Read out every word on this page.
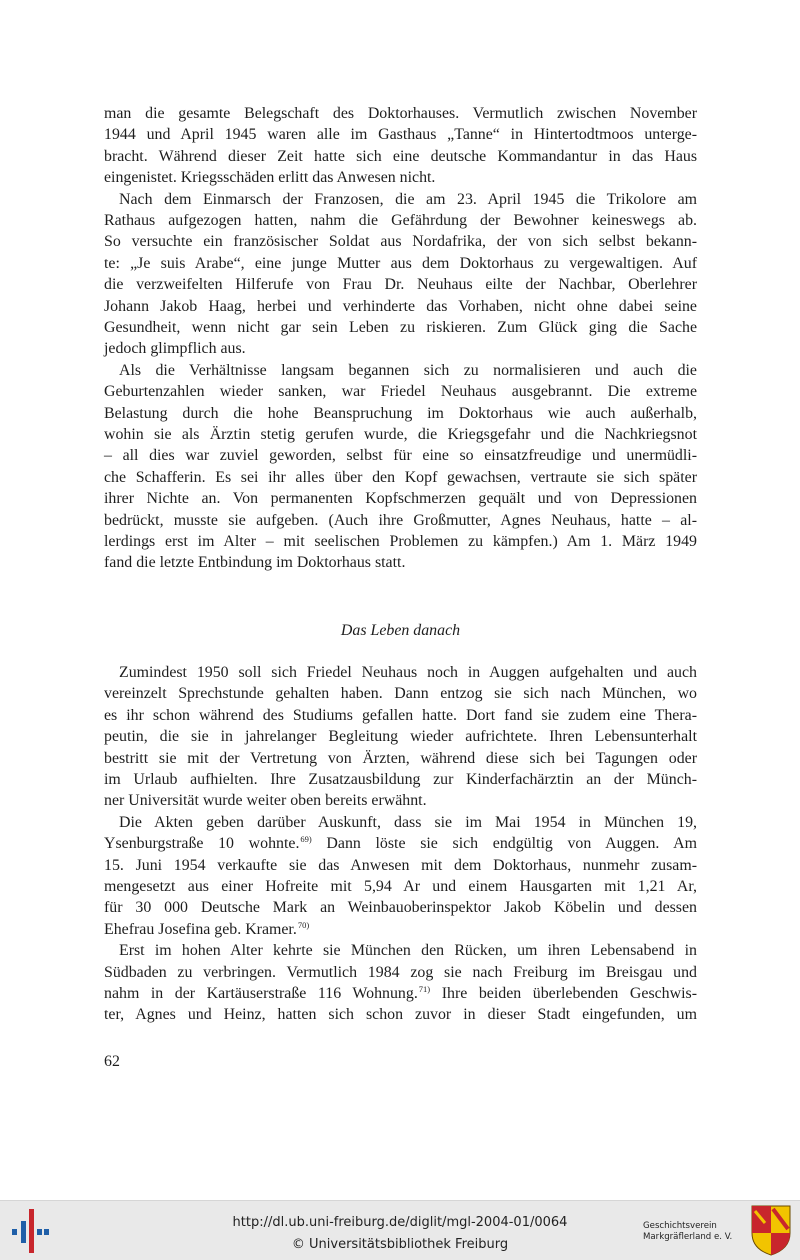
man die gesamte Belegschaft des Doktorhauses. Vermutlich zwischen November
1944 und April 1945 waren alle im Gasthaus „Tanne“ in Hintertodtmoos unterge-
bracht. Während dieser Zeit hatte sich eine deutsche Kommandantur in das Haus
eingenistet. Kriegsschäden erlitt das Anwesen nicht.
Nach dem Einmarsch der Franzosen, die am 23. April 1945 die Trikolore am
Rathaus aufgezogen hatten, nahm die Gefährdung der Bewohner keineswegs ab.
So versuchte ein französischer Soldat aus Nordafrika, der von sich selbst bekann-
te: „Je suis Arabe“, eine junge Mutter aus dem Doktorhaus zu vergewaltigen. Auf
die verzweifelten Hilferufe von Frau Dr. Neuhaus eilte der Nachbar, Oberlehrer
Johann Jakob Haag, herbei und verhinderte das Vorhaben, nicht ohne dabei seine
Gesundheit, wenn nicht gar sein Leben zu riskieren. Zum Glück ging die Sache
jedoch glimpflich aus.
Als die Verhältnisse langsam begannen sich zu normalisieren und auch die
Geburtenzahlen wieder sanken, war Friedel Neuhaus ausgebrannt. Die extreme
Belastung durch die hohe Beanspruchung im Doktorhaus wie auch außerhalb,
wohin sie als Ärztin stetig gerufen wurde, die Kriegsgefahr und die Nachkriegsnot
– all dies war zuviel geworden, selbst für eine so einsatzfreudige und unermüdli-
che Schafferin. Es sei ihr alles über den Kopf gewachsen, vertraute sie sich später
ihrer Nichte an. Von permanenten Kopfschmerzen gequält und von Depressionen
bedrückt, musste sie aufgeben. (Auch ihre Großmutter, Agnes Neuhaus, hatte – al-
lerdings erst im Alter – mit seelischen Problemen zu kämpfen.) Am 1. März 1949
fand die letzte Entbindung im Doktorhaus statt.
Das Leben danach
Zumindest 1950 soll sich Friedel Neuhaus noch in Auggen aufgehalten und auch
vereinzelt Sprechstunde gehalten haben. Dann entzog sie sich nach München, wo
es ihr schon während des Studiums gefallen hatte. Dort fand sie zudem eine Thera-
peutin, die sie in jahrelanger Begleitung wieder aufrichtete. Ihren Lebensunterhalt
bestritt sie mit der Vertretung von Ärzten, während diese sich bei Tagungen oder
im Urlaub aufhielten. Ihre Zusatzausbildung zur Kinderfachärztin an der Münch-
ner Universität wurde weiter oben bereits erwähnt.
Die Akten geben darüber Auskunft, dass sie im Mai 1954 in München 19,
Ysenburgstraße 10 wohnte.$^{69)}$ Dann löste sie sich endgültig von Auggen. Am
15. Juni 1954 verkaufte sie das Anwesen mit dem Doktorhaus, nunmehr zusam-
mengesetzt aus einer Hofreite mit 5,94 Ar und einem Hausgarten mit 1,21 Ar,
für 30 000 Deutsche Mark an Weinbauoberinspektor Jakob Köbelin und dessen
Ehefrau Josefina geb. Kramer.$^{70)}$
Erst im hohen Alter kehrte sie München den Rücken, um ihren Lebensabend in
Südbaden zu verbringen. Vermutlich 1984 zog sie nach Freiburg im Breisgau und
nahm in der Kartäuserstraße 116 Wohnung.$^{71)}$ Ihre beiden überlebenden Geschwis-
ter, Agnes und Heinz, hatten sich schon zuvor in dieser Stadt eingefunden, um
62
http://dl.ub.uni-freiburg.de/diglit/mgl-2004-01/0064
© Universitätsbibliothek Freiburg
Geschichtsverein
Markgräflerland e. V.
